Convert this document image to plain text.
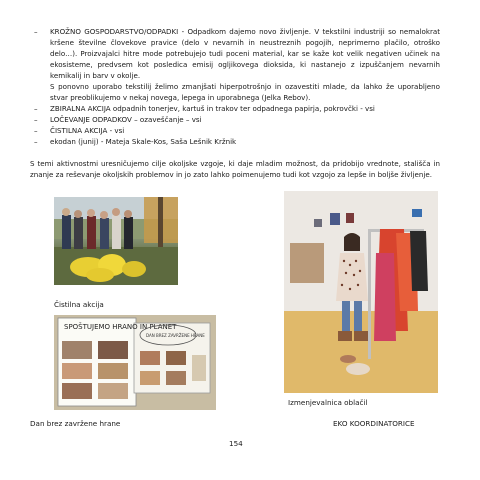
– KROŽNO GOSPODARSTVO/ODPADKI - Odpadkom dajemo novo življenje. V tekstilni industriji so nemalokrat kršene številne človekove pravice (delo v nevarnih in neustreznih pogojih, neprimerno plačilo, otroško delo…). Proizvajalci hitre mode potrebujejo tudi poceni material, kar se kaže kot velik negativen učinek na ekosisteme, predvsem kot posledica emisij ogljikovega dioksida, ki nastanejo z izpuščanjem nevarnih kemikalij in barv v okolje.

S ponovno uporabo tekstilij želimo zmanjšati hiperpotrošnjo in ozavestiti mlade, da lahko že uporabljeno stvar preoblikujemo v nekaj novega, lepega in uporabnega (Jelka Rebov).

– ZBIRALNA AKCIJA odpadnih tonerjev, kartuš in trakov ter odpadnega papirja, pokrovčki - vsi

– LOČEVANJE ODPADKOV – ozaveščanje – vsi

– ČISTILNA AKCIJA - vsi

– ekodan (junij) - Mateja Skale-Kos, Saša Lešnik Kržnik

S temi aktivnostmi uresničujemo cilje okoljske vzgoje, ki daje mladim možnost, da pridobijo vrednote, stališča in znanje za reševanje okoljskih problemov in jo zato lahko poimenujemo tudi kot vzgojo za lepše in boljše življenje.

Čistilna akcija
SPOŠTUJEMO HRANO IN PLANET
DAN BREZ ZAVRŽENE HRANE
Izmenjevalnica oblačil
Dan brez zavržene hrane	EKO KOORDINATORICE
154
